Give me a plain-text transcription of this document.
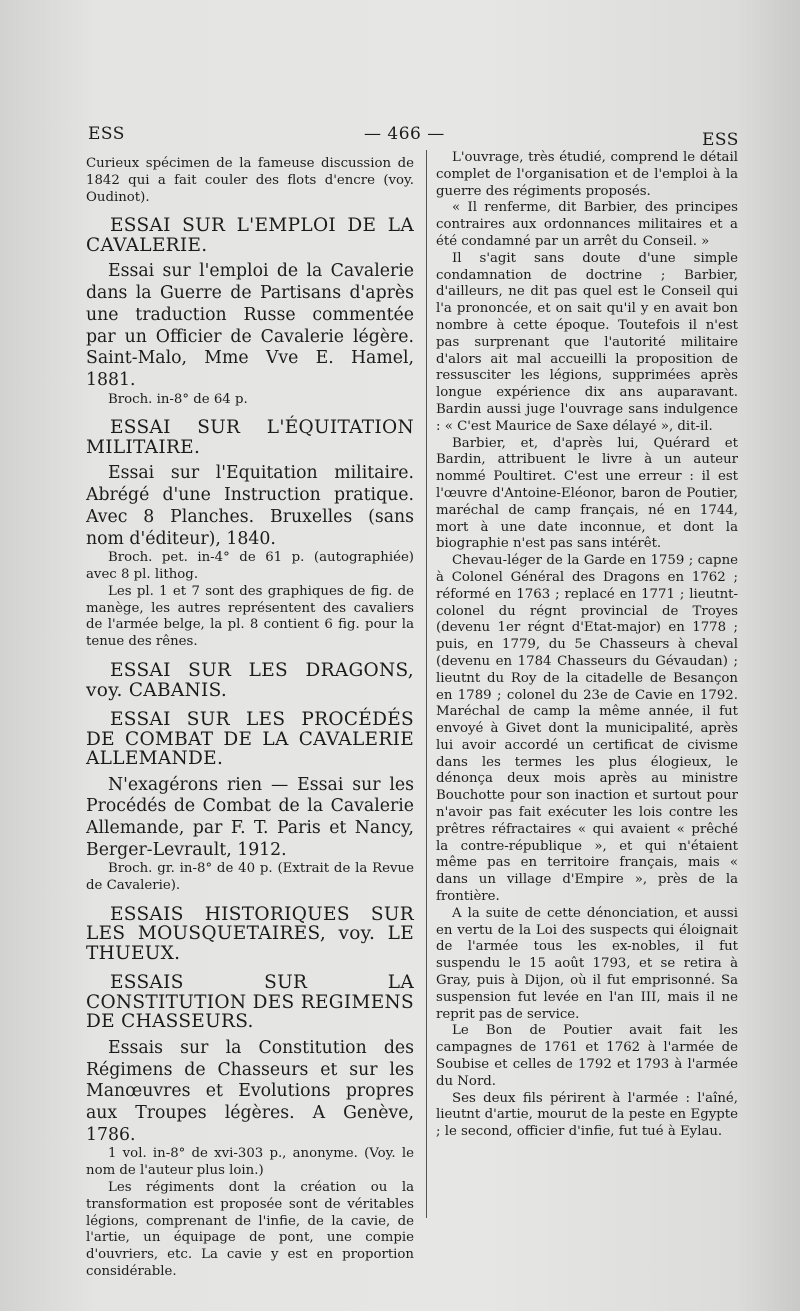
ESS	— 466 —	ESS

Curieux spécimen de la fameuse discussion de 1842 qui a fait couler des flots d'encre (voy. Oudinot).

ESSAI SUR L'EMPLOI DE LA CAVALERIE.

Essai sur l'emploi de la Cavalerie dans la Guerre de Partisans d'après une traduction Russe commentée par un Officier de Cavalerie légère. Saint-Malo, Mme Vve E. Hamel, 1881.

Broch. in-8° de 64 p.

ESSAI SUR L'ÉQUITATION MILITAIRE.

Essai sur l'Equitation militaire. Abrégé d'une Instruction pratique. Avec 8 Planches. Bruxelles (sans nom d'éditeur), 1840.

Broch. pet. in-4° de 61 p. (autographiée) avec 8 pl. lithog.

Les pl. 1 et 7 sont des graphiques de fig. de manège, les autres représentent des cavaliers de l'armée belge, la pl. 8 contient 6 fig. pour la tenue des rênes.

ESSAI SUR LES DRAGONS, voy. CABANIS.

ESSAI SUR LES PROCÉDÉS DE COMBAT DE LA CAVALERIE ALLEMANDE.

N'exagérons rien — Essai sur les Procédés de Combat de la Cavalerie Allemande, par F. T. Paris et Nancy, Berger-Levrault, 1912.

Broch. gr. in-8° de 40 p. (Extrait de la Revue de Cavalerie).

ESSAIS HISTORIQUES SUR LES MOUSQUETAIRES, voy. LE THUEUX.

ESSAIS SUR LA CONSTITUTION DES REGIMENS DE CHASSEURS.

Essais sur la Constitution des Régimens de Chasseurs et sur les Manœuvres et Evolutions propres aux Troupes légères. A Genève, 1786.

1 vol. in-8° de xvi-303 p., anonyme. (Voy. le nom de l'auteur plus loin.)

Les régiments dont la création ou la transformation est proposée sont de véritables légions, comprenant de l'infie, de la cavie, de l'artie, un équipage de pont, une compie d'ouvriers, etc. La cavie y est en proportion considérable.

L'ouvrage, très étudié, comprend le détail complet de l'organisation et de l'emploi à la guerre des régiments proposés.

« Il renferme, dit Barbier, des principes contraires aux ordonnances militaires et a été condamné par un arrêt du Conseil. »

Il s'agit sans doute d'une simple condamnation de doctrine ; Barbier, d'ailleurs, ne dit pas quel est le Conseil qui l'a prononcée, et on sait qu'il y en avait bon nombre à cette époque. Toutefois il n'est pas surprenant que l'autorité militaire d'alors ait mal accueilli la proposition de ressusciter les légions, supprimées après longue expérience dix ans auparavant. Bardin aussi juge l'ouvrage sans indulgence : « C'est Maurice de Saxe délayé », dit-il.

Barbier, et, d'après lui, Quérard et Bardin, attribuent le livre à un auteur nommé Poultiret. C'est une erreur : il est l'œuvre d'Antoine-Eléonor, baron de Poutier, maréchal de camp français, né en 1744, mort à une date inconnue, et dont la biographie n'est pas sans intérêt.

Chevau-léger de la Garde en 1759 ; capne à Colonel Général des Dragons en 1762 ; réformé en 1763 ; replacé en 1771 ; lieutnt-colonel du régnt provincial de Troyes (devenu 1er régnt d'Etat-major) en 1778 ; puis, en 1779, du 5e Chasseurs à cheval (devenu en 1784 Chasseurs du Gévaudan) ; lieutnt du Roy de la citadelle de Besançon en 1789 ; colonel du 23e de Cavie en 1792. Maréchal de camp la même année, il fut envoyé à Givet dont la municipalité, après lui avoir accordé un certificat de civisme dans les termes les plus élogieux, le dénonça deux mois après au ministre Bouchotte pour son inaction et surtout pour n'avoir pas fait exécuter les lois contre les prêtres réfractaires « qui avaient « prêché la contre-république », et qui n'étaient même pas en territoire français, mais « dans un village d'Empire », près de la frontière.

A la suite de cette dénonciation, et aussi en vertu de la Loi des suspects qui éloignait de l'armée tous les ex-nobles, il fut suspendu le 15 août 1793, et se retira à Gray, puis à Dijon, où il fut emprisonné. Sa suspension fut levée en l'an III, mais il ne reprit pas de service.

Le Bon de Poutier avait fait les campagnes de 1761 et 1762 à l'armée de Soubise et celles de 1792 et 1793 à l'armée du Nord.

Ses deux fils périrent à l'armée : l'aîné, lieutnt d'artie, mourut de la peste en Egypte ; le second, officier d'infie, fut tué à Eylau.
